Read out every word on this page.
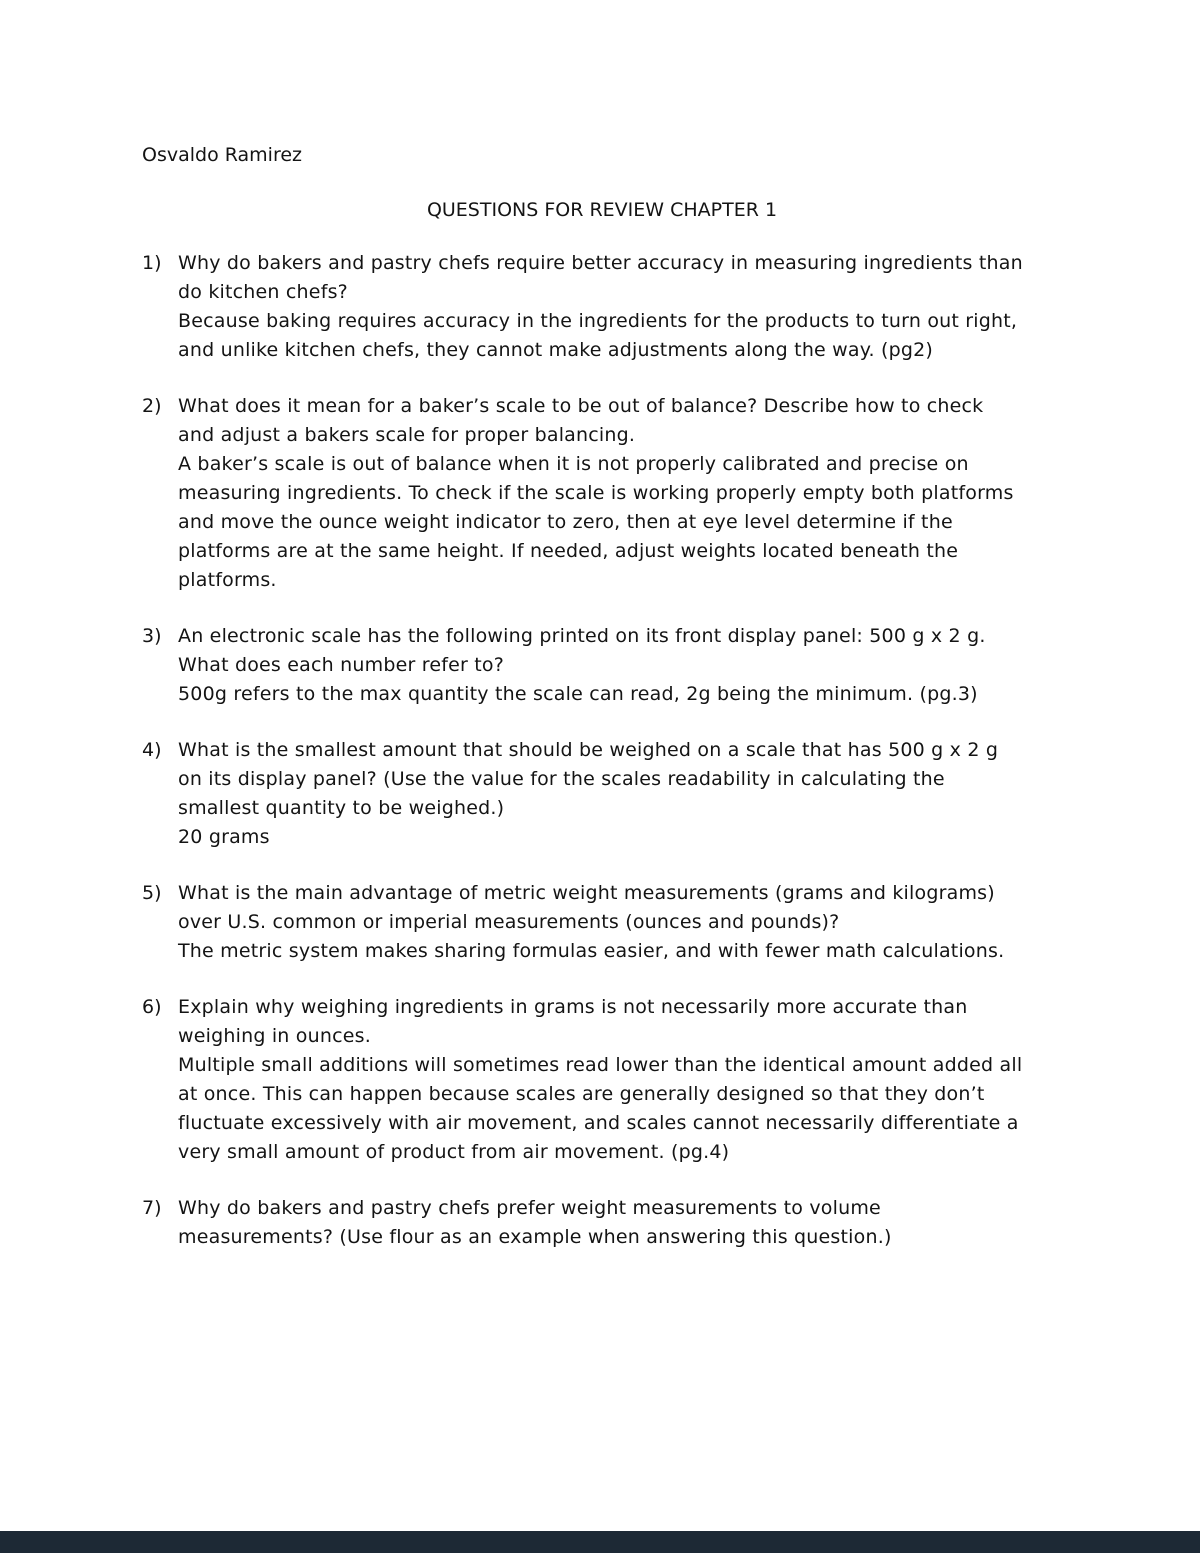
Osvaldo Ramirez

QUESTIONS FOR REVIEW CHAPTER 1

1) Why do bakers and pastry chefs require better accuracy in measuring ingredients than do kitchen chefs?
Because baking requires accuracy in the ingredients for the products to turn out right, and unlike kitchen chefs, they cannot make adjustments along the way. (pg2)
2) What does it mean for a baker’s scale to be out of balance? Describe how to check and adjust a bakers scale for proper balancing.
A baker’s scale is out of balance when it is not properly calibrated and precise on measuring ingredients. To check if the scale is working properly empty both platforms and move the ounce weight indicator to zero, then at eye level determine if the platforms are at the same height. If needed, adjust weights located beneath the platforms.
3) An electronic scale has the following printed on its front display panel: 500 g x 2 g. What does each number refer to?
500g refers to the max quantity the scale can read, 2g being the minimum. (pg.3)
4) What is the smallest amount that should be weighed on a scale that has 500 g x 2 g on its display panel? (Use the value for the scales readability in calculating the smallest quantity to be weighed.)
20 grams
5) What is the main advantage of metric weight measurements (grams and kilograms) over U.S. common or imperial measurements (ounces and pounds)?
The metric system makes sharing formulas easier, and with fewer math calculations.
6) Explain why weighing ingredients in grams is not necessarily more accurate than weighing in ounces.
Multiple small additions will sometimes read lower than the identical amount added all at once. This can happen because scales are generally designed so that they don’t fluctuate excessively with air movement, and scales cannot necessarily differentiate a very small amount of product from air movement. (pg.4)
7) Why do bakers and pastry chefs prefer weight measurements to volume measurements? (Use flour as an example when answering this question.)
